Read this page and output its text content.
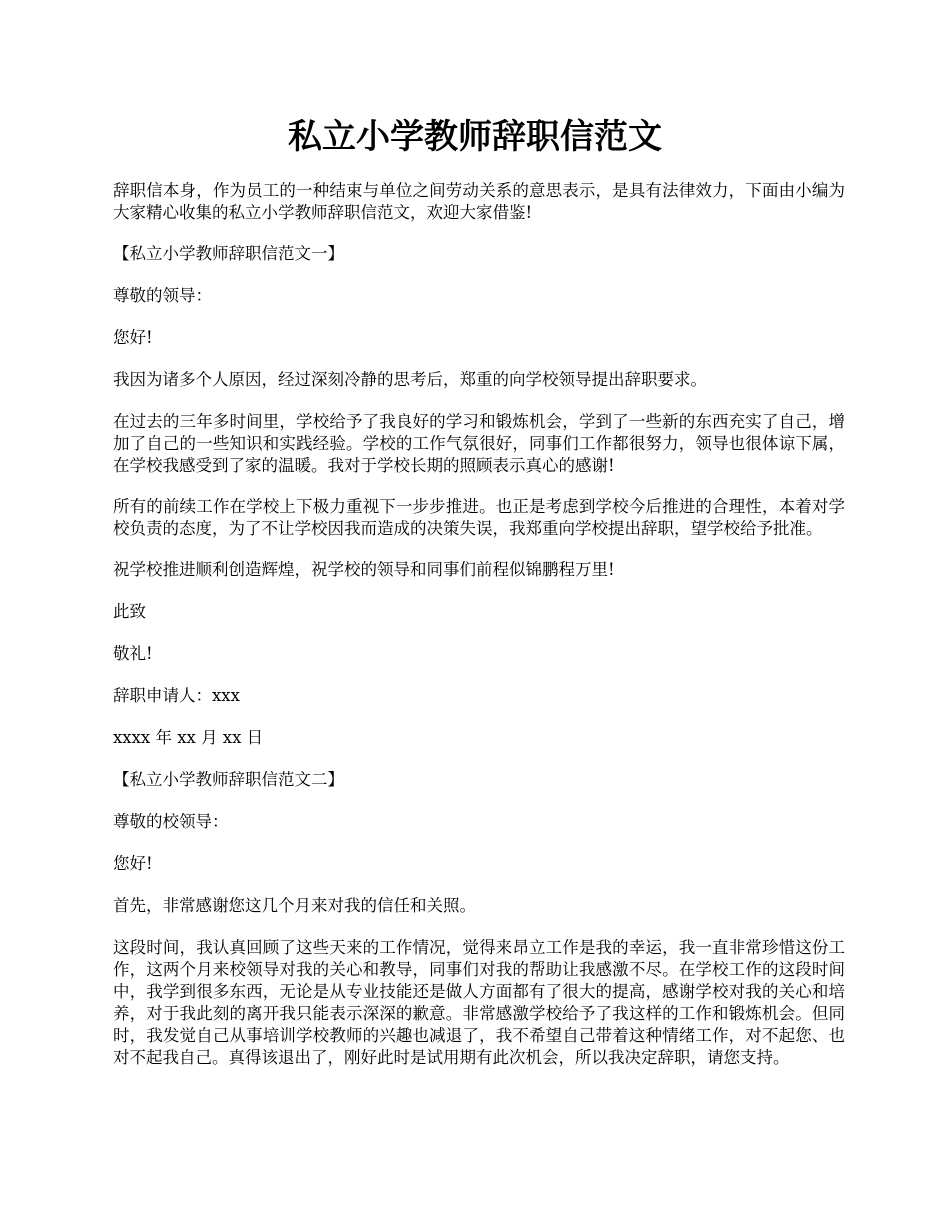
私立小学教师辞职信范文

辞职信本身，作为员工的一种结束与单位之间劳动关系的意思表示，是具有法律效力，下面由小编为大家精心收集的私立小学教师辞职信范文，欢迎大家借鉴!

【私立小学教师辞职信范文一】

尊敬的领导：

您好!

我因为诸多个人原因，经过深刻冷静的思考后，郑重的向学校领导提出辞职要求。

在过去的三年多时间里，学校给予了我良好的学习和锻炼机会，学到了一些新的东西充实了自己，增加了自己的一些知识和实践经验。学校的工作气氛很好，同事们工作都很努力，领导也很体谅下属，在学校我感受到了家的温暖。我对于学校长期的照顾表示真心的感谢!

所有的前续工作在学校上下极力重视下一步步推进。也正是考虑到学校今后推进的合理性，本着对学校负责的态度，为了不让学校因我而造成的决策失误，我郑重向学校提出辞职，望学校给予批准。

祝学校推进顺利创造辉煌，祝学校的领导和同事们前程似锦鹏程万里!

此致

敬礼!

辞职申请人：xxx

xxxx 年 xx 月 xx 日

【私立小学教师辞职信范文二】

尊敬的校领导：

您好!

首先，非常感谢您这几个月来对我的信任和关照。

这段时间，我认真回顾了这些天来的工作情况，觉得来昂立工作是我的幸运，我一直非常珍惜这份工作，这两个月来校领导对我的关心和教导，同事们对我的帮助让我感激不尽。在学校工作的这段时间中，我学到很多东西，无论是从专业技能还是做人方面都有了很大的提高，感谢学校对我的关心和培养，对于我此刻的离开我只能表示深深的歉意。非常感激学校给予了我这样的工作和锻炼机会。但同时，我发觉自己从事培训学校教师的兴趣也减退了，我不希望自己带着这种情绪工作，对不起您、也对不起我自己。真得该退出了，刚好此时是试用期有此次机会，所以我决定辞职，请您支持。
